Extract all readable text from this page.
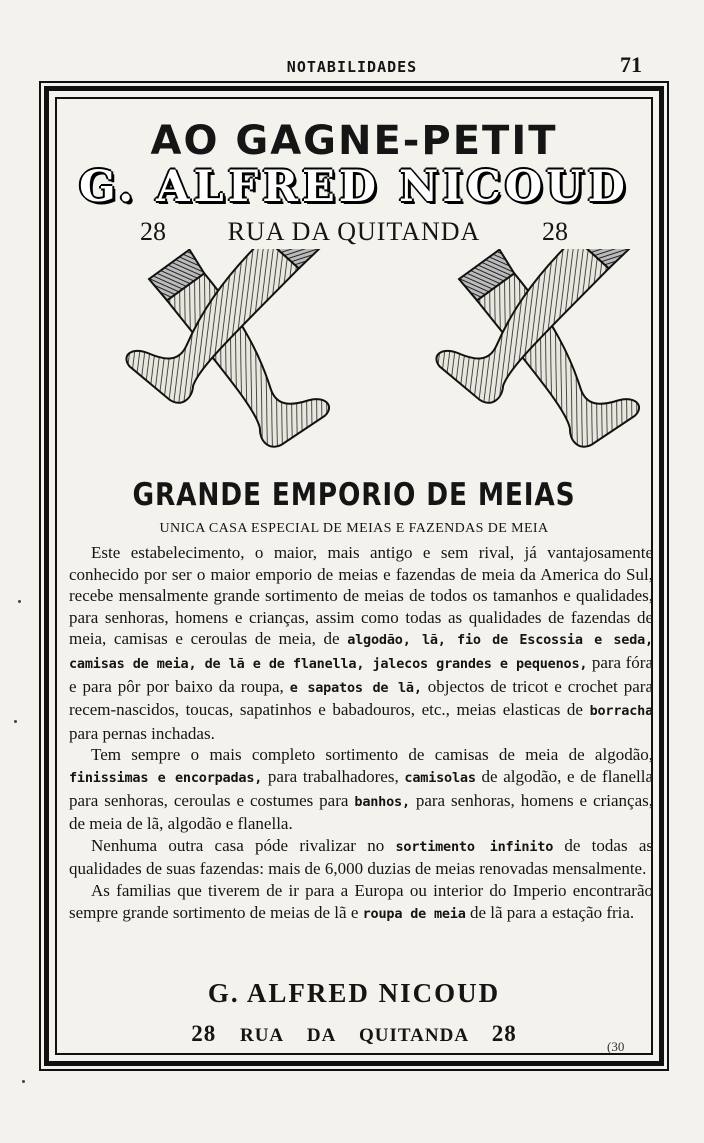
NOTABILIDADES	71
AO GAGNE-PETIT
G. ALFRED NICOUD
28	RUA DA QUITANDA	28
GRANDE EMPORIO DE MEIAS
UNICA CASA ESPECIAL DE MEIAS E FAZENDAS DE MEIA

Este estabelecimento, o maior, mais antigo e sem rival, já vantajosamente conhecido por ser o maior emporio de meias e fazendas de meia da America do Sul, recebe mensalmente grande sortimento de meias de todos os tamanhos e qualidades, para senhoras, homens e crianças, assim como todas as qualidades de fazendas de meia, camisas e ceroulas de meia, de algodão, lã, fio de Escossia e seda, camisas de meia, de lã e de flanella, jalecos grandes e pequenos, para fóra e para pôr por baixo da roupa, e sapatos de lã, objectos de tricot e crochet para recem-nascidos, toucas, sapatinhos e babadouros, etc., meias elasticas de borracha para pernas inchadas.

Tem sempre o mais completo sortimento de camisas de meia de algodão, finissimas e encorpadas, para trabalhadores, camisolas de algodão, e de flanella para senhoras, ceroulas e costumes para banhos, para senhoras, homens e crianças, de meia de lã, algodão e flanella.

Nenhuma outra casa póde rivalizar no sortimento infinito de todas as qualidades de suas fazendas: mais de 6,000 duzias de meias renovadas mensalmente.

As familias que tiverem de ir para a Europa ou interior do Imperio encontrarão sempre grande sortimento de meias de lã e roupa de meia de lã para a estação fria.

G. ALFRED NICOUD
28 RUA DA QUITANDA 28
(30
